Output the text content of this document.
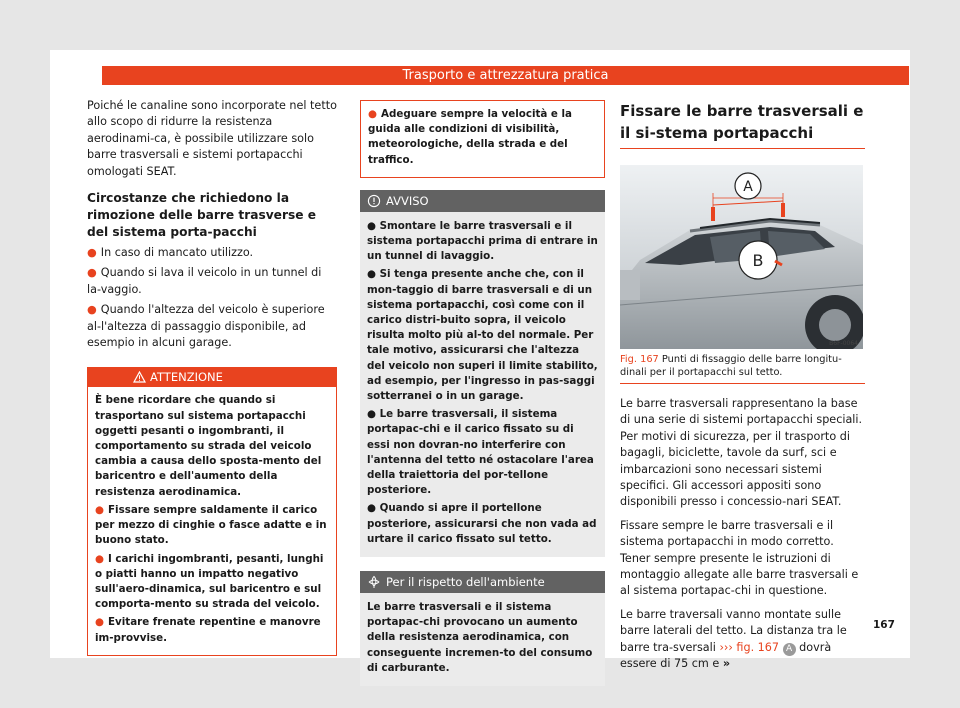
Trasporto e attrezzatura pratica

Poiché le canaline sono incorporate nel tetto allo scopo di ridurre la resistenza aerodinami-ca, è possibile utilizzare solo barre trasversali e sistemi portapacchi omologati SEAT.

Circostanze che richiedono la rimozione delle barre trasverse e del sistema porta-pacchi
● In caso di mancato utilizzo.
● Quando si lava il veicolo in un tunnel di la-vaggio.
● Quando l'altezza del veicolo è superiore al-l'altezza di passaggio disponibile, ad esempio in alcuni garage.
ATTENZIONE

È bene ricordare che quando si trasportano sul sistema portapacchi oggetti pesanti o ingombranti, il comportamento su strada del veicolo cambia a causa dello sposta-mento del baricentro e dell'aumento della resistenza aerodinamica.

● Fissare sempre saldamente il carico per mezzo di cinghie o fasce adatte e in buono stato.

● I carichi ingombranti, pesanti, lunghi o piatti hanno un impatto negativo sull'aero-dinamica, sul baricentro e sul comporta-mento su strada del veicolo.

● Evitare frenate repentine e manovre im-provvise.

● Adeguare sempre la velocità e la guida alle condizioni di visibilità, meteorologiche, della strada e del traffico.

AVVISO

● Smontare le barre trasversali e il sistema portapacchi prima di entrare in un tunnel di lavaggio.

● Si tenga presente anche che, con il mon-taggio di barre trasversali e di un sistema portapacchi, così come con il carico distri-buito sopra, il veicolo risulta molto più al-to del normale. Per tale motivo, assicurarsi che l'altezza del veicolo non superi il limite stabilito, ad esempio, per l'ingresso in pas-saggi sotterranei o in un garage.

● Le barre trasversali, il sistema portapac-chi e il carico fissato su di essi non dovran-no interferire con l'antenna del tetto né ostacolare l'area della traiettoria del por-tellone posteriore.

● Quando si apre il portellone posteriore, assicurarsi che non vada ad urtare il carico fissato sul tetto.

Per il rispetto dell'ambiente

Le barre trasversali e il sistema portapac-chi provocano un aumento della resistenza aerodinamica, con conseguente incremen-to del consumo di carburante.

Fissare le barre trasversali e il si-stema portapacchi
A
B
B6F-0064
Fig. 167 Punti di fissaggio delle barre longitu-dinali per il portapacchi sul tetto.

Le barre trasversali rappresentano la base di una serie di sistemi portapacchi speciali. Per motivi di sicurezza, per il trasporto di bagagli, biciclette, tavole da surf, sci e imbarcazioni sono necessari sistemi specifici. Gli accessori appositi sono disponibili presso i concessio-nari SEAT.

Fissare sempre le barre trasversali e il sistema portapacchi in modo corretto. Tener sempre presente le istruzioni di montaggio allegate alle barre trasversali e al sistema portapac-chi in questione.

Le barre traversali vanno montate sulle barre laterali del tetto. La distanza tra le barre tra-sversali ››› fig. 167 A dovrà essere di 75 cm e »

167
